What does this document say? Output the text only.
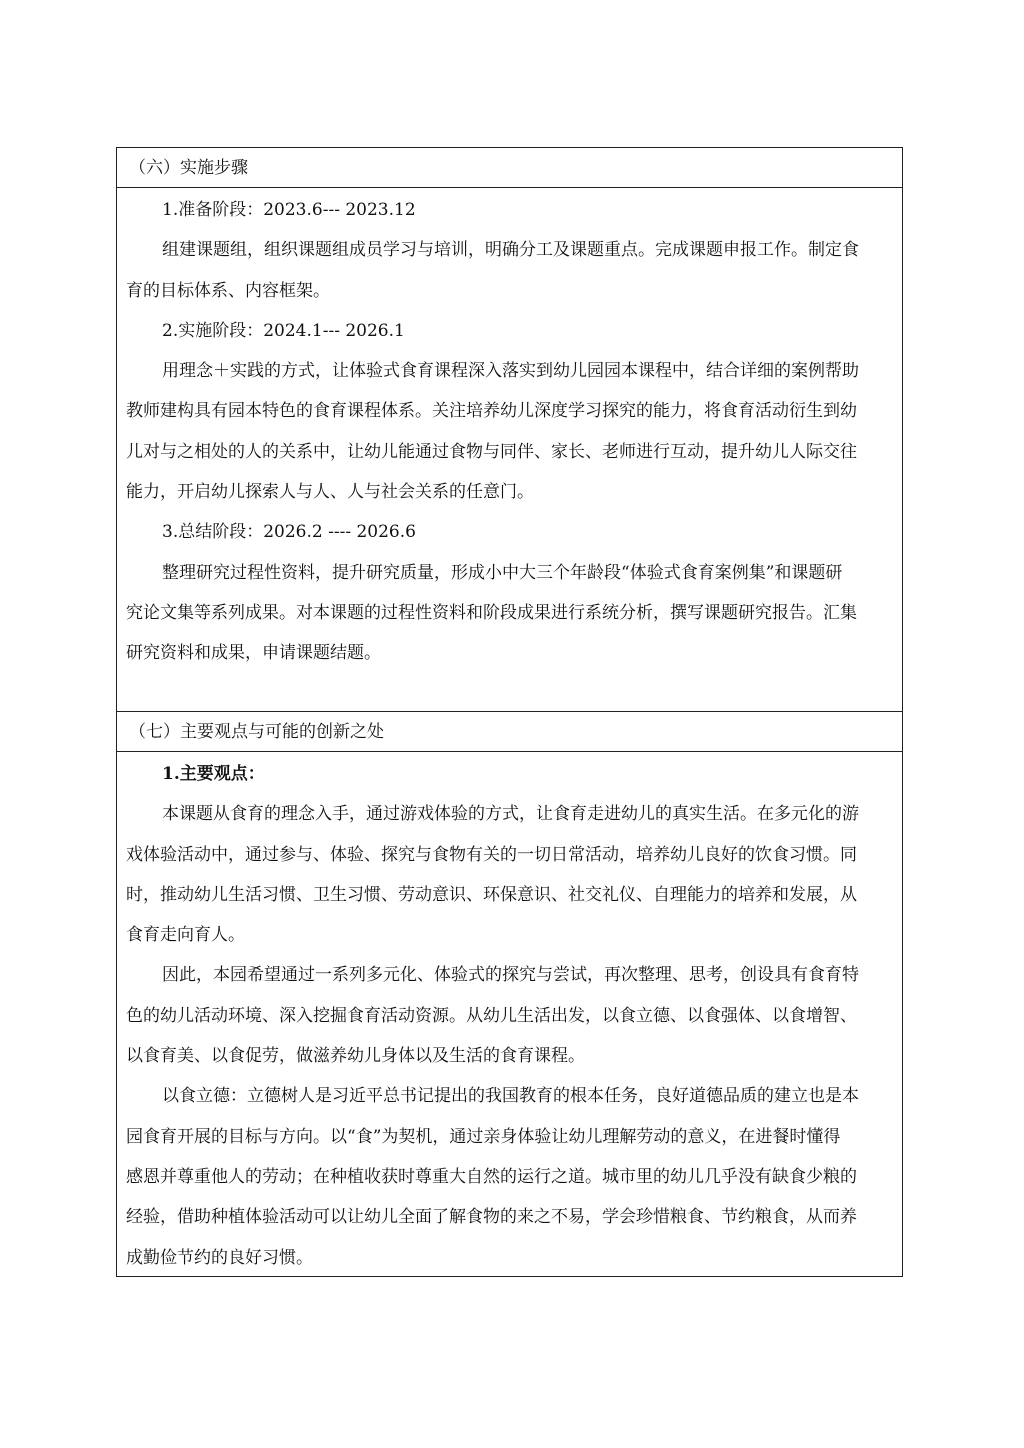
（六）实施步骤
1.准备阶段：2023.6--- 2023.12
组建课题组，组织课题组成员学习与培训，明确分工及课题重点。完成课题申报工作。制定食
育的目标体系、内容框架。
2.实施阶段：2024.1--- 2026.1
用理念＋实践的方式，让体验式食育课程深入落实到幼儿园园本课程中，结合详细的案例帮助
教师建构具有园本特色的食育课程体系。关注培养幼儿深度学习探究的能力，将食育活动衍生到幼
儿对与之相处的人的关系中，让幼儿能通过食物与同伴、家长、老师进行互动，提升幼儿人际交往
能力，开启幼儿探索人与人、人与社会关系的任意门。
3.总结阶段：2026.2 ---- 2026.6
整理研究过程性资料，提升研究质量，形成小中大三个年龄段“体验式食育案例集”和课题研
究论文集等系列成果。对本课题的过程性资料和阶段成果进行系统分析，撰写课题研究报告。汇集
研究资料和成果，申请课题结题。
（七）主要观点与可能的创新之处
1.主要观点：
本课题从食育的理念入手，通过游戏体验的方式，让食育走进幼儿的真实生活。在多元化的游
戏体验活动中，通过参与、体验、探究与食物有关的一切日常活动，培养幼儿良好的饮食习惯。同
时，推动幼儿生活习惯、卫生习惯、劳动意识、环保意识、社交礼仪、自理能力的培养和发展，从
食育走向育人。
因此，本园希望通过一系列多元化、体验式的探究与尝试，再次整理、思考，创设具有食育特
色的幼儿活动环境、深入挖掘食育活动资源。从幼儿生活出发，以食立德、以食强体、以食增智、
以食育美、以食促劳，做滋养幼儿身体以及生活的食育课程。
以食立德：立德树人是习近平总书记提出的我国教育的根本任务，良好道德品质的建立也是本
园食育开展的目标与方向。以“食”为契机，通过亲身体验让幼儿理解劳动的意义，在进餐时懂得
感恩并尊重他人的劳动；在种植收获时尊重大自然的运行之道。城市里的幼儿几乎没有缺食少粮的
经验，借助种植体验活动可以让幼儿全面了解食物的来之不易，学会珍惜粮食、节约粮食，从而养
成勤俭节约的良好习惯。
